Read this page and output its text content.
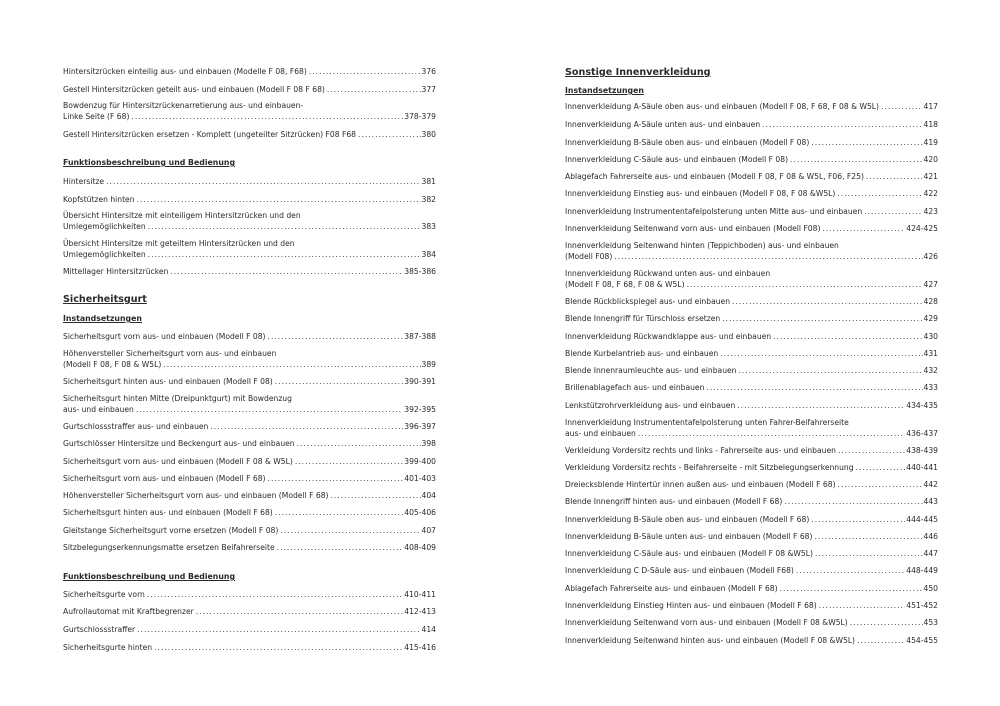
Hintersitzrücken einteilig aus- und einbauen (Modelle F 08, F68) .....	376
Gestell Hintersitzrücken geteilt aus- und einbauen (Modell F 08 F 68) .....	377
Bowdenzug für Hintersitzrückenarretierung aus- und einbauen-
Linke Seite (F 68) .....	378-379
Gestell Hintersitzrücken ersetzen - Komplett (ungeteilter Sitzrücken) F08 F68 .....	380
Funktionsbeschreibung und Bedienung
Hintersitze .....	381
Kopfstützen hinten .....	382
Übersicht Hintersitze mit einteiligem Hintersitzrücken und den
Umlegemöglichkeiten .....	383
Übersicht Hintersitze mit geteiltem Hintersitzrücken und den
Umlegemöglichkeiten .....	384
Mittellager Hintersitzrücken .....	385-386
Sicherheitsgurt
Instandsetzungen
Sicherheitsgurt vorn aus- und einbauen (Modell F 08) .....	387-388
Höhenversteller Sicherheitsgurt vorn aus- und einbauen
(Modell F 08, F 08 & W5L) .....	389
Sicherheitsgurt hinten aus- und einbauen (Modell F 08) .....	390-391
Sicherheitsgurt hinten Mitte (Dreipunktgurt) mit Bowdenzug
aus- und einbauen .....	392-395
Gurtschlossstraffer aus- und einbauen .....	396-397
Gurtschlösser Hintersitze und Beckengurt aus- und einbauen .....	398
Sicherheitsgurt vorn aus- und einbauen (Modell F 08 & W5L) .....	399-400
Sicherheitsgurt vorn aus- und einbauen (Modell F 68) .....	401-403
Höhenversteller Sicherheitsgurt vorn aus- und einbauen (Modell F 68) .....	404
Sicherheitsgurt hinten aus- und einbauen (Modell F 68) .....	405-406
Gleitstange Sicherheitsgurt vorne ersetzen (Modell F 08) .....	407
Sitzbelegungserkennungsmatte ersetzen Beifahrerseite .....	408-409
Funktionsbeschreibung und Bedienung
Sicherheitsgurte vorn .....	410-411
Aufrollautomat mit Kraftbegrenzer .....	412-413
Gurtschlossstraffer .....	414
Sicherheitsgurte hinten .....	415-416
Sonstige Innenverkleidung
Instandsetzungen
Innenverkleidung A-Säule oben aus- und einbauen (Modell F 08, F 68, F 08 & W5L) .....	417
Innenverkleidung A-Säule unten aus- und einbauen .....	418
Innenverkleidung B-Säule oben aus- und einbauen (Modell F 08) .....	419
Innenverkleidung C-Säule aus- und einbauen (Modell F 08) .....	420
Ablagefach Fahrerseite aus- und einbauen (Modell F 08, F 08 & W5L, F06, F25) .....	421
Innenverkleidung Einstieg aus- und einbauen (Modell F 08, F 08 &W5L) .....	422
Innenverkleidung Instrumententafelpolsterung unten Mitte aus- und einbauen .....	423
Innenverkleidung Seitenwand vorn aus- und einbauen (Modell F08) .....	424-425
Innenverkleidung Seitenwand hinten (Teppichboden) aus- und einbauen
(Modell F08) .....	426
Innenverkleidung Rückwand unten aus- und einbauen
(Modell F 08, F 68, F 08 & W5L) .....	427
Blende Rückblickspiegel aus- und einbauen .....	428
Blende Innengriff für Türschloss ersetzen .....	429
Innenverkleidung Rückwandklappe aus- und einbauen .....	430
Blende Kurbelantrieb aus- und einbauen .....	431
Blende Innenraumleuchte aus- und einbauen .....	432
Brillenablagefach aus- und einbauen .....	433
Lenkstützrohrverkleidung aus- und einbauen .....	434-435
Innenverkleidung Instrumententafelpolsterung unten Fahrer-Beifahrerseite
aus- und einbauen .....	436-437
Verkleidung Vordersitz rechts und links - Fahrerseite aus- und einbauen .....	438-439
Verkleidung Vordersitz rechts - Beifahrerseite - mit Sitzbelegungserkennung .....	440-441
Dreiecksblende Hintertür innen außen aus- und einbauen (Modell F 68) .....	442
Blende Innengriff hinten aus- und einbauen (Modell F 68) .....	443
Innenverkleidung B-Säule oben aus- und einbauen (Modell F 68) .....	444-445
Innenverkleidung B-Säule unten aus- und einbauen (Modell F 68) .....	446
Innenverkleidung C-Säule aus- und einbauen (Modell F 08 &W5L) .....	447
Innenverkleidung C D-Säule aus- und einbauen (Modell F68) .....	448-449
Ablagefach Fahrerseite aus- und einbauen (Modell F 68) .....	450
Innenverkleidung Einstieg Hinten aus- und einbauen (Modell F 68) .....	451-452
Innenverkleidung Seitenwand vorn aus- und einbauen (Modell F 08 &W5L) .....	453
Innenverkleidung Seitenwand hinten aus- und einbauen (Modell F 08 &W5L) .....	454-455
